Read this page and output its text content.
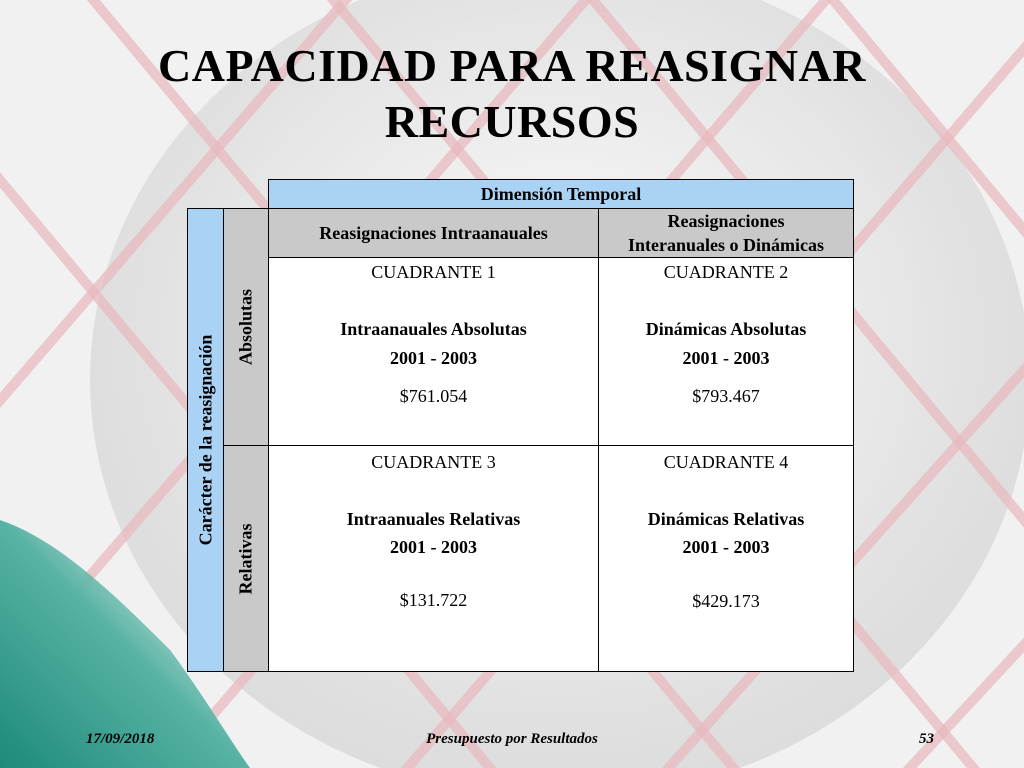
CAPACIDAD PARA REASIGNAR
RECURSOS
Dimensión Temporal
Carácter de la reasignación
Absolutas
Relativas
Reasignaciones Intraanauales
Reasignaciones
Interanuales o Dinámicas
CUADRANTE 1
Intraanauales Absolutas
2001 - 2003
$761.054
CUADRANTE 2
Dinámicas Absolutas
2001 - 2003
$793.467
CUADRANTE 3
Intraanuales Relativas
2001 - 2003
$131.722
CUADRANTE 4
Dinámicas Relativas
2001 - 2003
$429.173
17/09/2018	Presupuesto por Resultados	53
